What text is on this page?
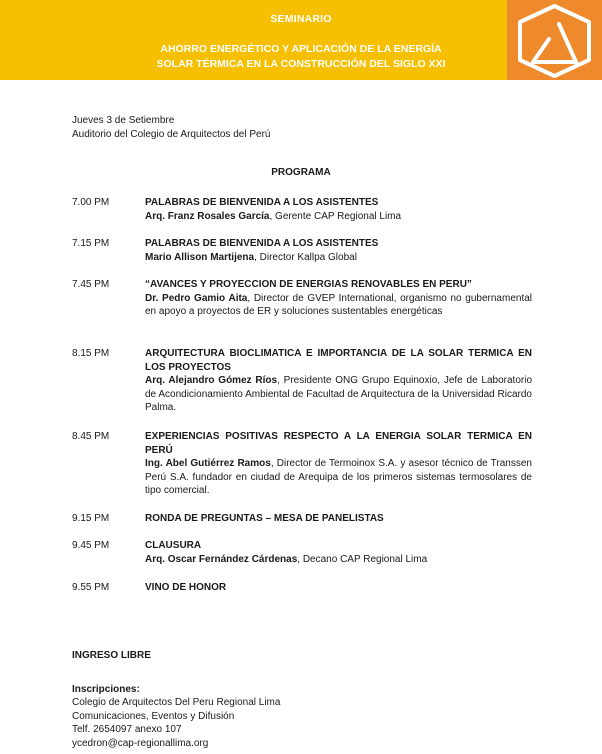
SEMINARIO
AHORRO ENERGÉTICO Y APLICACIÓN DE LA ENERGÍA
SOLAR TÉRMICA EN LA CONSTRUCCIÓN DEL SIGLO XXI
Jueves 3 de Setiembre
Auditorio del Colegio de Arquitectos del Perú
PROGRAMA
7.00 PM	PALABRAS DE BIENVENIDA A LOS ASISTENTES
Arq. Franz Rosales García, Gerente CAP Regional Lima
7.15 PM	PALABRAS DE BIENVENIDA A LOS ASISTENTES
Mario Allison Martijena, Director Kallpa Global
7.45 PM	“AVANCES Y PROYECCION DE ENERGIAS RENOVABLES EN PERU”
Dr. Pedro Gamio Aita, Director de GVEP International, organismo no gubernamental en apoyo a proyectos de ER y soluciones sustentables energéticas
8.15 PM	ARQUITECTURA BIOCLIMATICA E IMPORTANCIA DE LA SOLAR TERMICA EN LOS PROYECTOS
Arq. Alejandro Gómez Ríos, Presidente ONG Grupo Equinoxio, Jefe de Laboratorio de Acondicionamiento Ambiental de Facultad de Arquitectura de la Universidad Ricardo Palma.
8.45 PM	EXPERIENCIAS POSITIVAS RESPECTO A LA ENERGIA SOLAR TERMICA EN PERÚ
Ing. Abel Gutiérrez Ramos, Director de Termoinox S.A. y asesor técnico de Transsen Perú S.A. fundador en ciudad de Arequipa de los primeros sistemas termosolares de tipo comercial.
9.15 PM	RONDA DE PREGUNTAS – MESA DE PANELISTAS
9.45 PM	CLAUSURA
Arq. Oscar Fernández Cárdenas, Decano CAP Regional Lima
9.55 PM	VINO DE HONOR
INGRESO LIBRE
Inscripciones:
Colegio de Arquitectos Del Peru Regional Lima
Comunicaciones, Eventos y Difusión
Telf. 2654097 anexo 107
ycedron@cap-regionallima.org
